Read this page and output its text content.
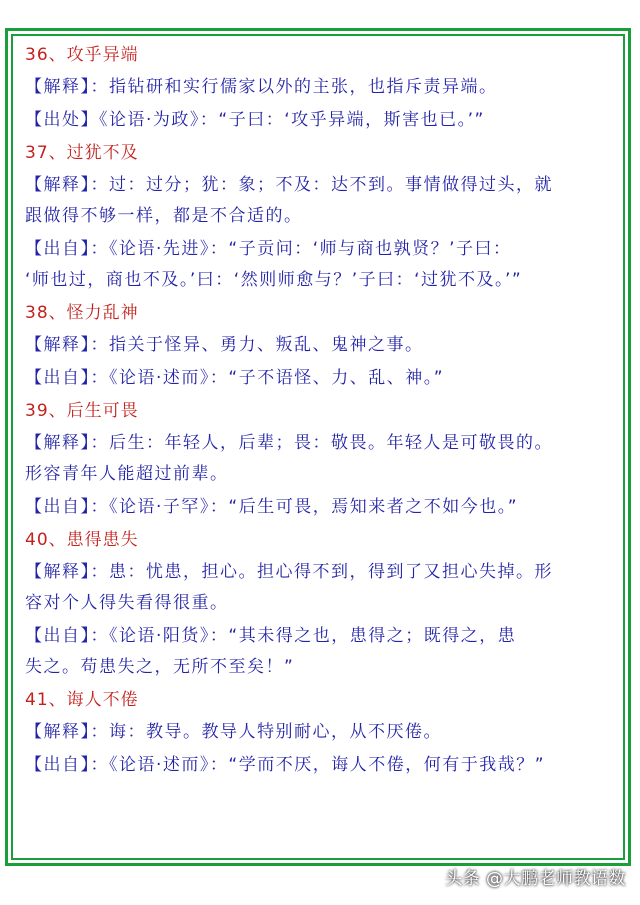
36、攻乎异端
【解释】：指钻研和实行儒家以外的主张，也指斥责异端。
【出处】《论语·为政》：“子曰：‘攻乎异端，斯害也已。’”
37、过犹不及
【解释】：过：过分；犹：象；不及：达不到。事情做得过头，就
跟做得不够一样，都是不合适的。
【出自】：《论语·先进》：“子贡问：‘师与商也孰贤？’子曰：
‘师也过，商也不及。’曰：‘然则师愈与？’子曰：‘过犹不及。’”
38、怪力乱神
【解释】：指关于怪异、勇力、叛乱、鬼神之事。
【出自】：《论语·述而》：“子不语怪、力、乱、神。”
39、后生可畏
【解释】：后生：年轻人，后辈；畏：敬畏。年轻人是可敬畏的。
形容青年人能超过前辈。
【出自】：《论语·子罕》：“后生可畏，焉知来者之不如今也。”
40、患得患失
【解释】：患：忧患，担心。担心得不到，得到了又担心失掉。形
容对个人得失看得很重。
【出自】：《论语·阳货》：“其未得之也，患得之；既得之，患
失之。苟患失之，无所不至矣！”
41、诲人不倦
【解释】：诲：教导。教导人特别耐心，从不厌倦。
【出自】：《论语·述而》：“学而不厌，诲人不倦，何有于我哉？”
头条 @大鹏老师教语数
